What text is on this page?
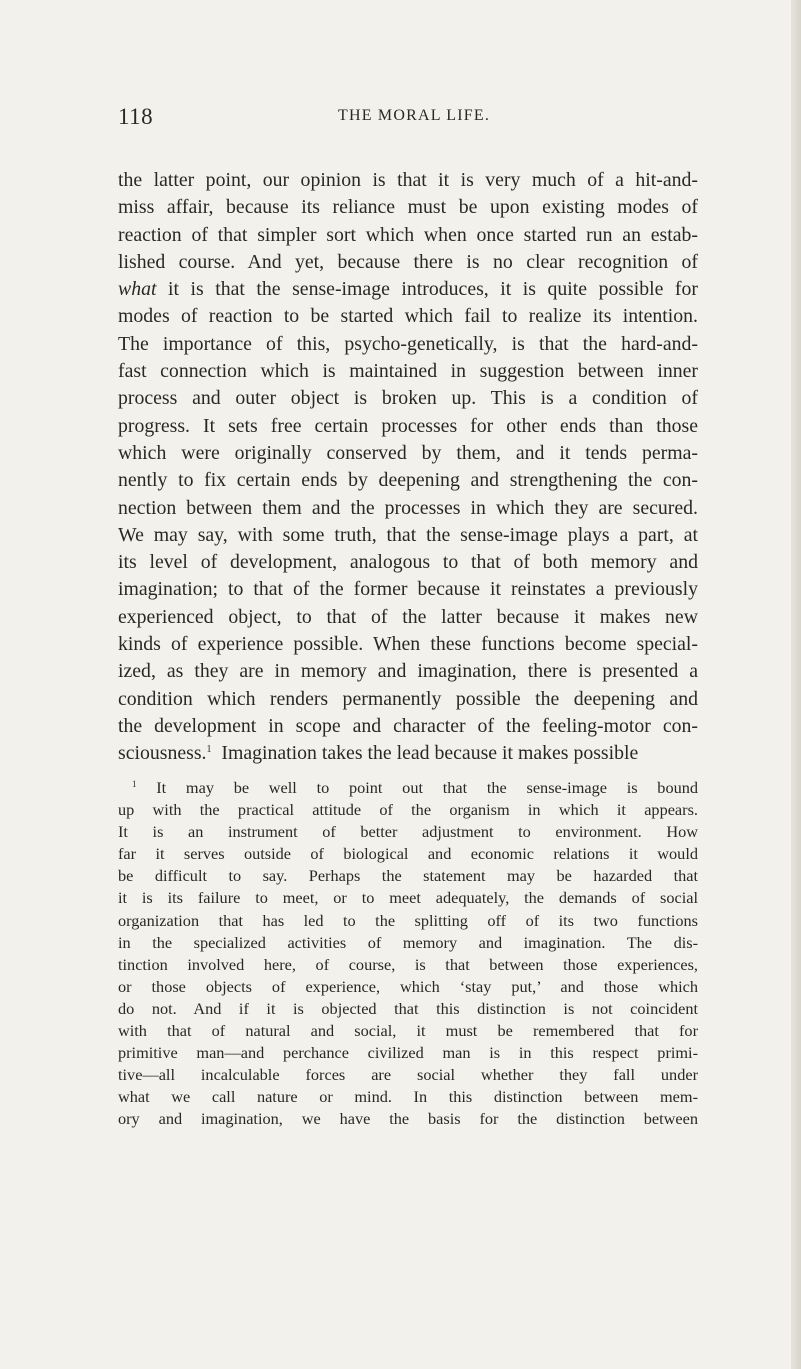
118	THE MORAL LIFE.
the latter point, our opinion is that it is very much of a hit-and-
miss affair, because its reliance must be upon existing modes of
reaction of that simpler sort which when once started run an estab-
lished course. And yet, because there is no clear recognition of
what it is that the sense-image introduces, it is quite possible for
modes of reaction to be started which fail to realize its intention.
The importance of this, psycho-genetically, is that the hard-and-
fast connection which is maintained in suggestion between inner
process and outer object is broken up. This is a condition of
progress. It sets free certain processes for other ends than those
which were originally conserved by them, and it tends perma-
nently to fix certain ends by deepening and strengthening the con-
nection between them and the processes in which they are secured.
We may say, with some truth, that the sense-image plays a part, at
its level of development, analogous to that of both memory and
imagination; to that of the former because it reinstates a previously
experienced object, to that of the latter because it makes new
kinds of experience possible. When these functions become special-
ized, as they are in memory and imagination, there is presented a
condition which renders permanently possible the deepening and
the development in scope and character of the feeling-motor con-
sciousness.$^1$ Imagination takes the lead because it makes possible
$^1$ It may be well to point out that the sense-image is bound
up with the practical attitude of the organism in which it appears.
It is an instrument of better adjustment to environment. How
far it serves outside of biological and economic relations it would
be difficult to say. Perhaps the statement may be hazarded that
it is its failure to meet, or to meet adequately, the demands of social
organization that has led to the splitting off of its two functions
in the specialized activities of memory and imagination. The dis-
tinction involved here, of course, is that between those experiences,
or those objects of experience, which ‘stay put,’ and those which
do not. And if it is objected that this distinction is not coincident
with that of natural and social, it must be remembered that for
primitive man—and perchance civilized man is in this respect primi-
tive—all incalculable forces are social whether they fall under
what we call nature or mind. In this distinction between mem-
ory and imagination, we have the basis for the distinction between
